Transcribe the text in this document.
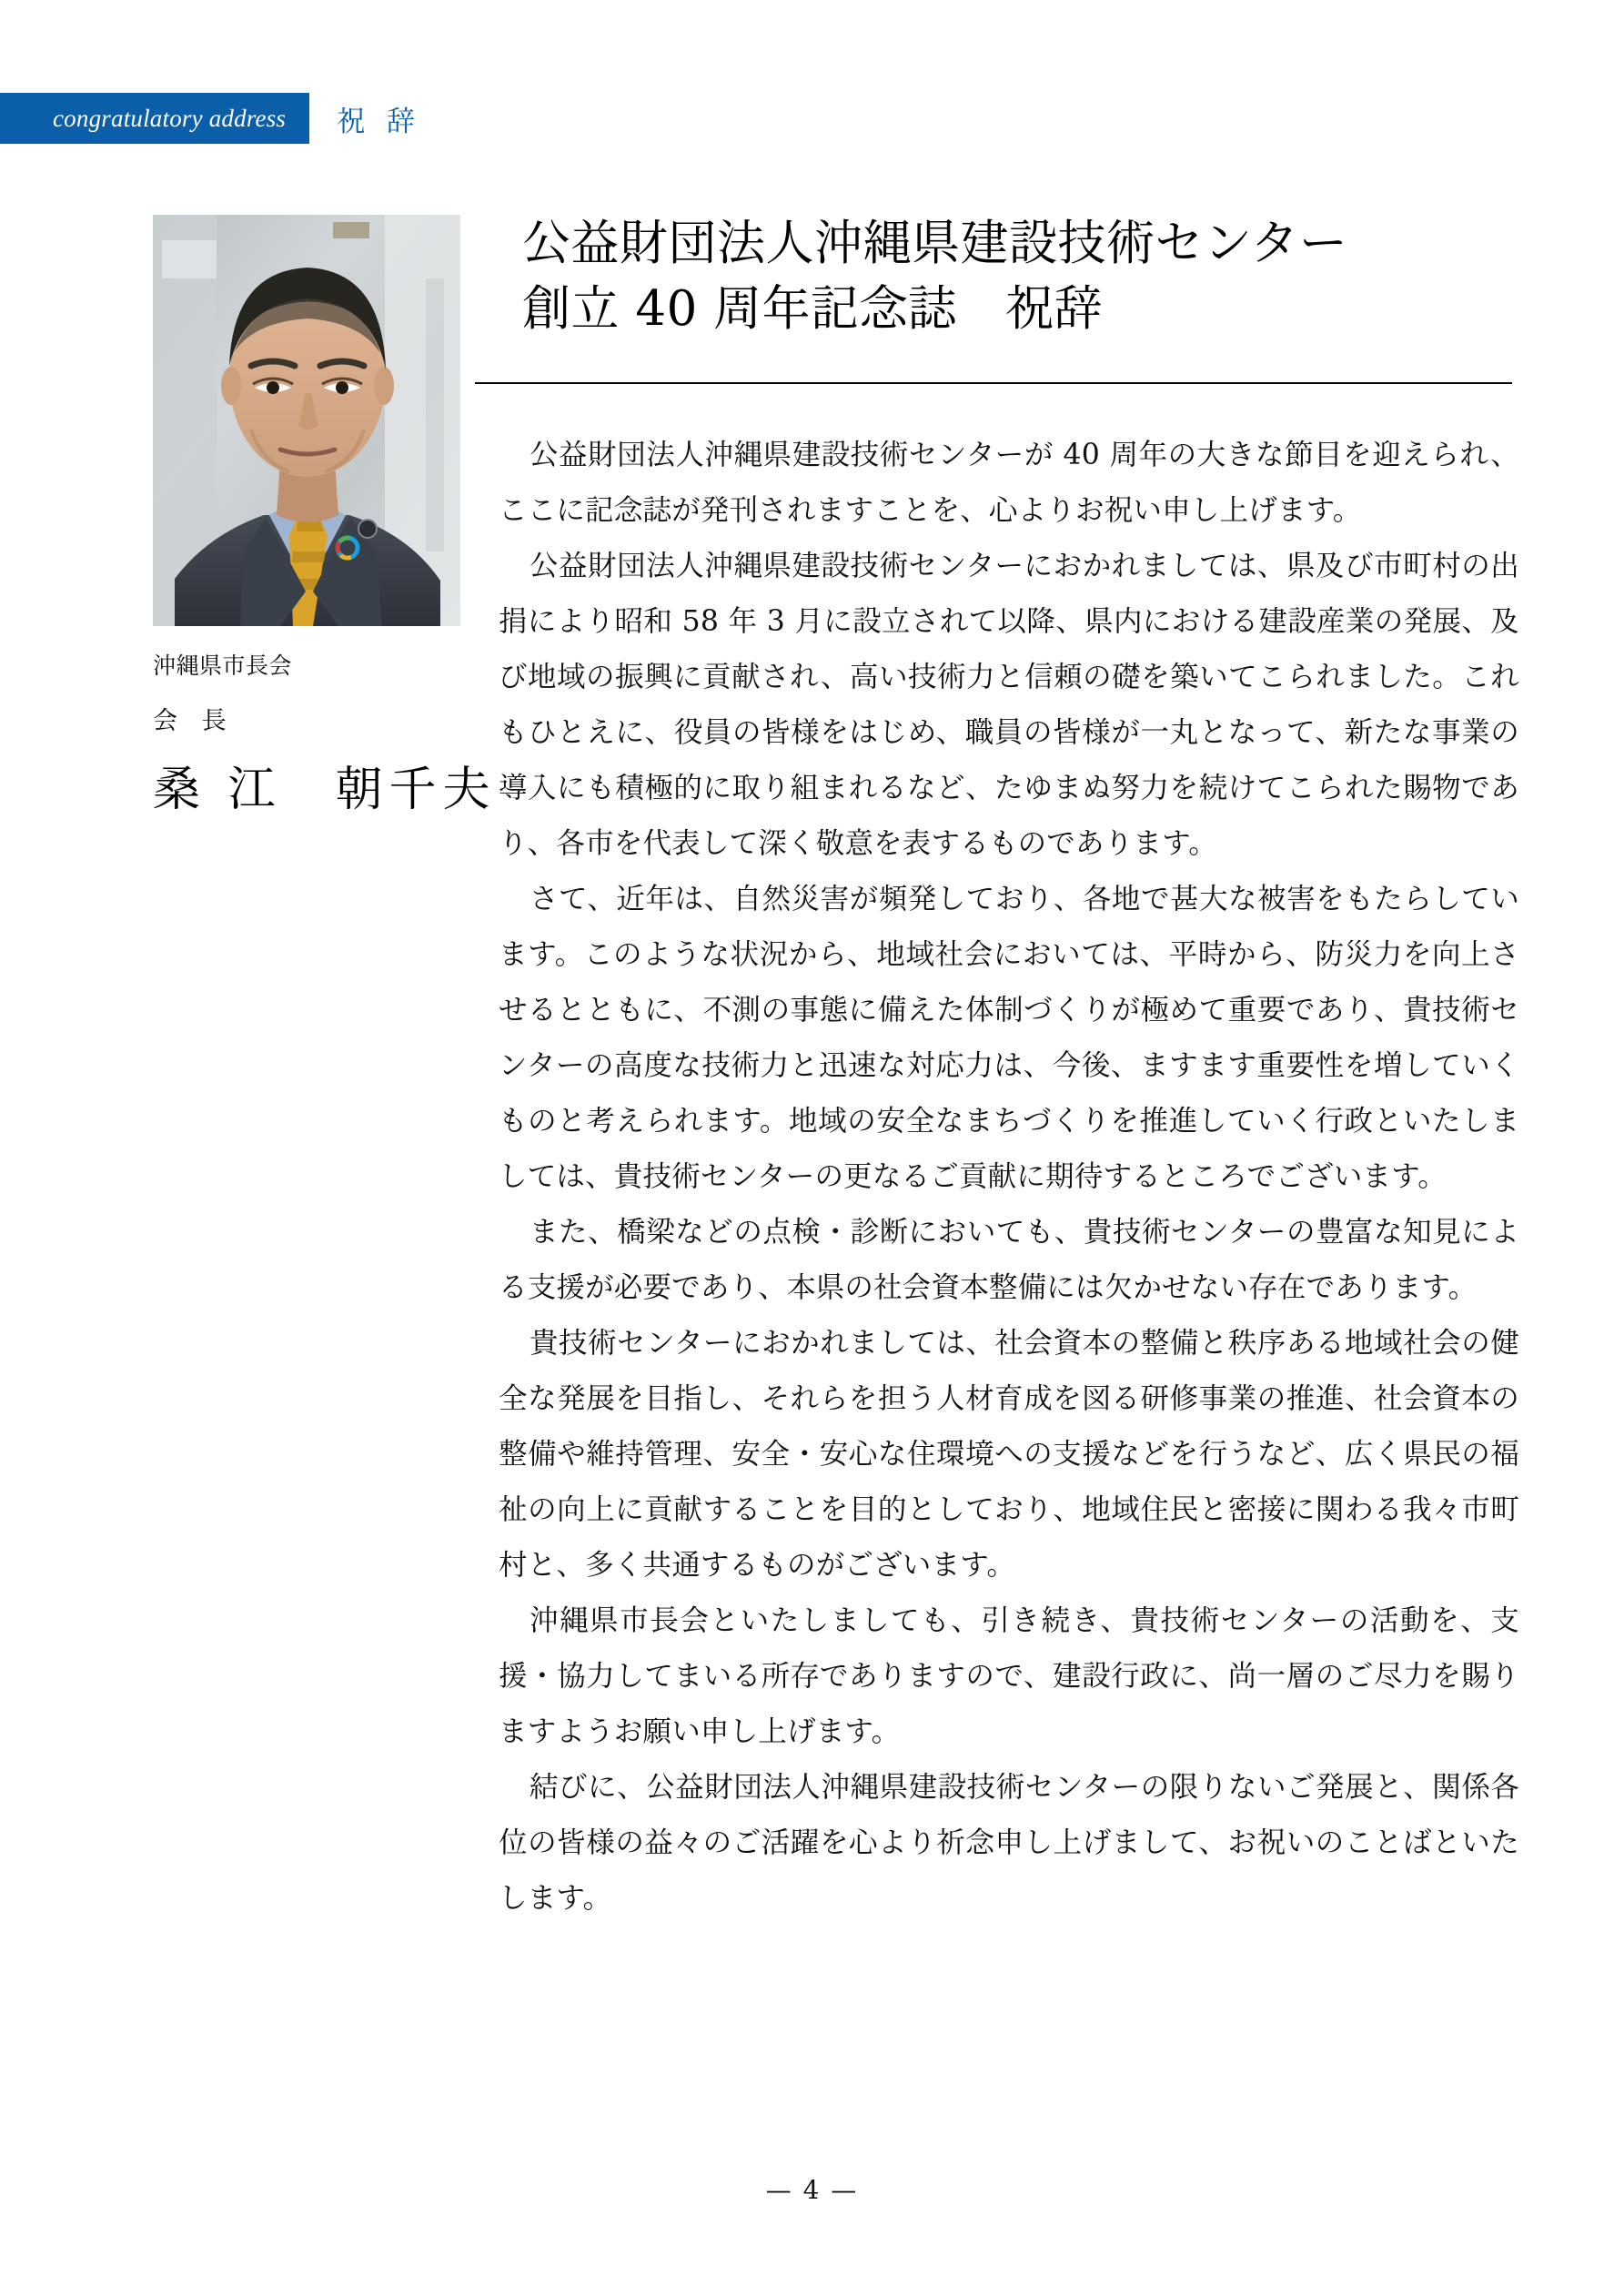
congratulatory address	祝 辞
沖縄県市長会
会 長
桑 江　朝千夫
公益財団法人沖縄県建設技術センター
創立 40 周年記念誌　祝辞

公益財団法人沖縄県建設技術センターが 40 周年の大きな節目を迎えられ、ここに記念誌が発刊されますことを、心よりお祝い申し上げます。

公益財団法人沖縄県建設技術センターにおかれましては、県及び市町村の出捐により昭和 58 年 3 月に設立されて以降、県内における建設産業の発展、及び地域の振興に貢献され、高い技術力と信頼の礎を築いてこられました。これもひとえに、役員の皆様をはじめ、職員の皆様が一丸となって、新たな事業の導入にも積極的に取り組まれるなど、たゆまぬ努力を続けてこられた賜物であり、各市を代表して深く敬意を表するものであります。

さて、近年は、自然災害が頻発しており、各地で甚大な被害をもたらしています。このような状況から、地域社会においては、平時から、防災力を向上させるとともに、不測の事態に備えた体制づくりが極めて重要であり、貴技術センターの高度な技術力と迅速な対応力は、今後、ますます重要性を増していくものと考えられます。地域の安全なまちづくりを推進していく行政といたしましては、貴技術センターの更なるご貢献に期待するところでございます。

また、橋梁などの点検・診断においても、貴技術センターの豊富な知見による支援が必要であり、本県の社会資本整備には欠かせない存在であります。

貴技術センターにおかれましては、社会資本の整備と秩序ある地域社会の健全な発展を目指し、それらを担う人材育成を図る研修事業の推進、社会資本の整備や維持管理、安全・安心な住環境への支援などを行うなど、広く県民の福祉の向上に貢献することを目的としており、地域住民と密接に関わる我々市町村と、多く共通するものがございます。

沖縄県市長会といたしましても、引き続き、貴技術センターの活動を、支援・協力してまいる所存でありますので、建設行政に、尚一層のご尽力を賜りますようお願い申し上げます。

結びに、公益財団法人沖縄県建設技術センターの限りないご発展と、関係各位の皆様の益々のご活躍を心より祈念申し上げまして、お祝いのことばといたします。

— 4 —
